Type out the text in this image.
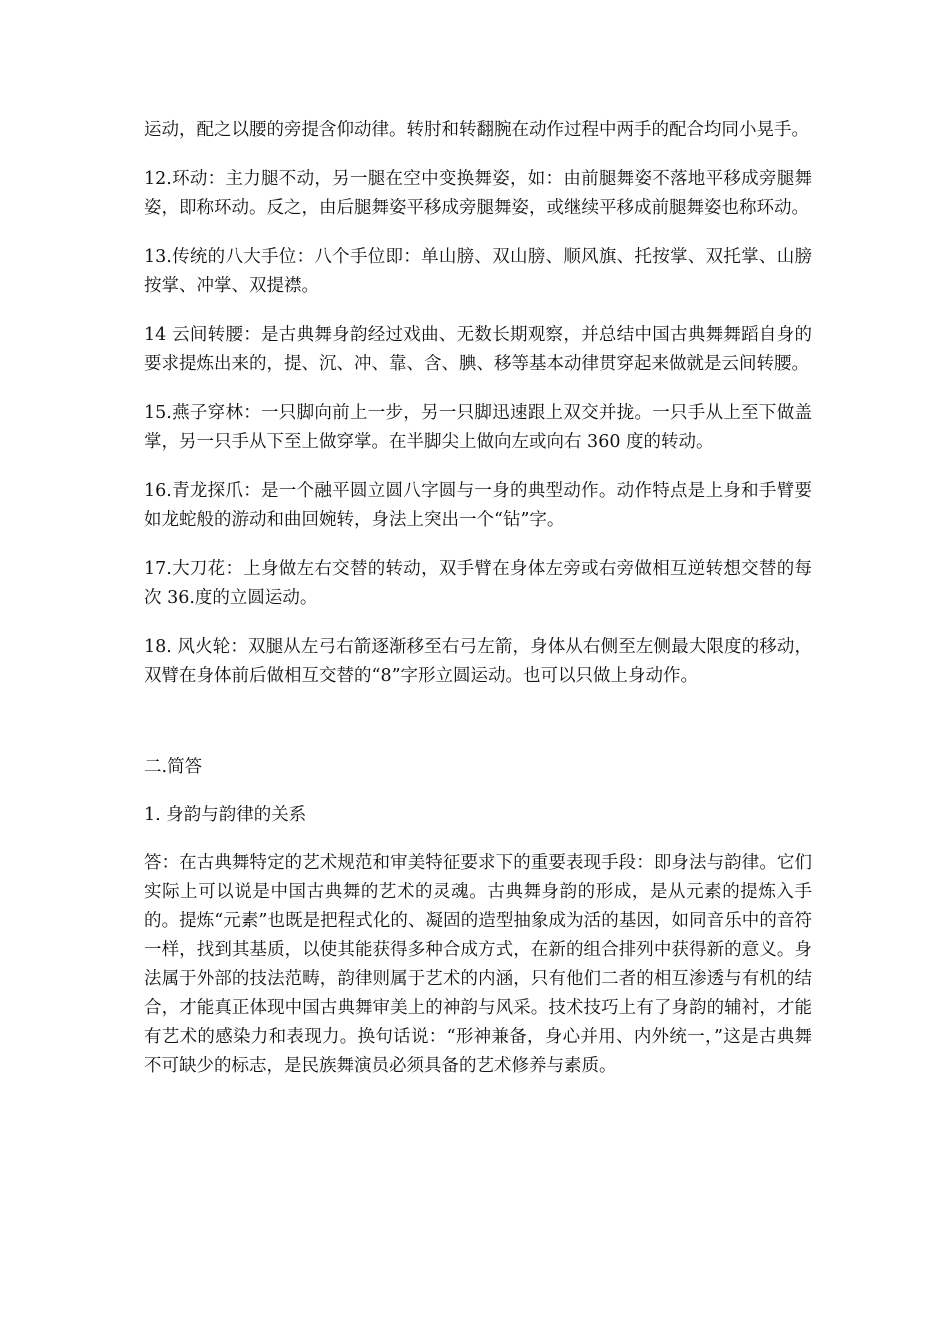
运动，配之以腰的旁提含仰动律。转肘和转翻腕在动作过程中两手的配合均同小晃手。

12.环动：主力腿不动，另一腿在空中变换舞姿，如：由前腿舞姿不落地平移成旁腿舞姿，即称环动。反之，由后腿舞姿平移成旁腿舞姿，或继续平移成前腿舞姿也称环动。

13.传统的八大手位：八个手位即：单山膀、双山膀、顺风旗、托按掌、双托掌、山膀按掌、冲掌、双提襟。

14 云间转腰：是古典舞身韵经过戏曲、无数长期观察，并总结中国古典舞舞蹈自身的要求提炼出来的，提、沉、冲、靠、含、腆、移等基本动律贯穿起来做就是云间转腰。

15.燕子穿林：一只脚向前上一步，另一只脚迅速跟上双交并拢。一只手从上至下做盖掌，另一只手从下至上做穿掌。在半脚尖上做向左或向右 360 度的转动。

16.青龙探爪：是一个融平圆立圆八字圆与一身的典型动作。动作特点是上身和手臂要如龙蛇般的游动和曲回婉转，身法上突出一个“钻”字。

17.大刀花：上身做左右交替的转动，双手臂在身体左旁或右旁做相互逆转想交替的每次 36.度的立圆运动。

18. 风火轮：双腿从左弓右箭逐渐移至右弓左箭，身体从右侧至左侧最大限度的移动，双臂在身体前后做相互交替的“8”字形立圆运动。也可以只做上身动作。

二.简答

1. 身韵与韵律的关系

答：在古典舞特定的艺术规范和审美特征要求下的重要表现手段：即身法与韵律。它们实际上可以说是中国古典舞的艺术的灵魂。古典舞身韵的形成，是从元素的提炼入手的。提炼“元素”也既是把程式化的、凝固的造型抽象成为活的基因，如同音乐中的音符一样，找到其基质，以使其能获得多种合成方式，在新的组合排列中获得新的意义。身法属于外部的技法范畴，韵律则属于艺术的内涵，只有他们二者的相互渗透与有机的结合，才能真正体现中国古典舞审美上的神韵与风采。技术技巧上有了身韵的辅衬，才能有艺术的感染力和表现力。换句话说：“形神兼备，身心并用、内外统一，”这是古典舞不可缺少的标志，是民族舞演员必须具备的艺术修养与素质。
